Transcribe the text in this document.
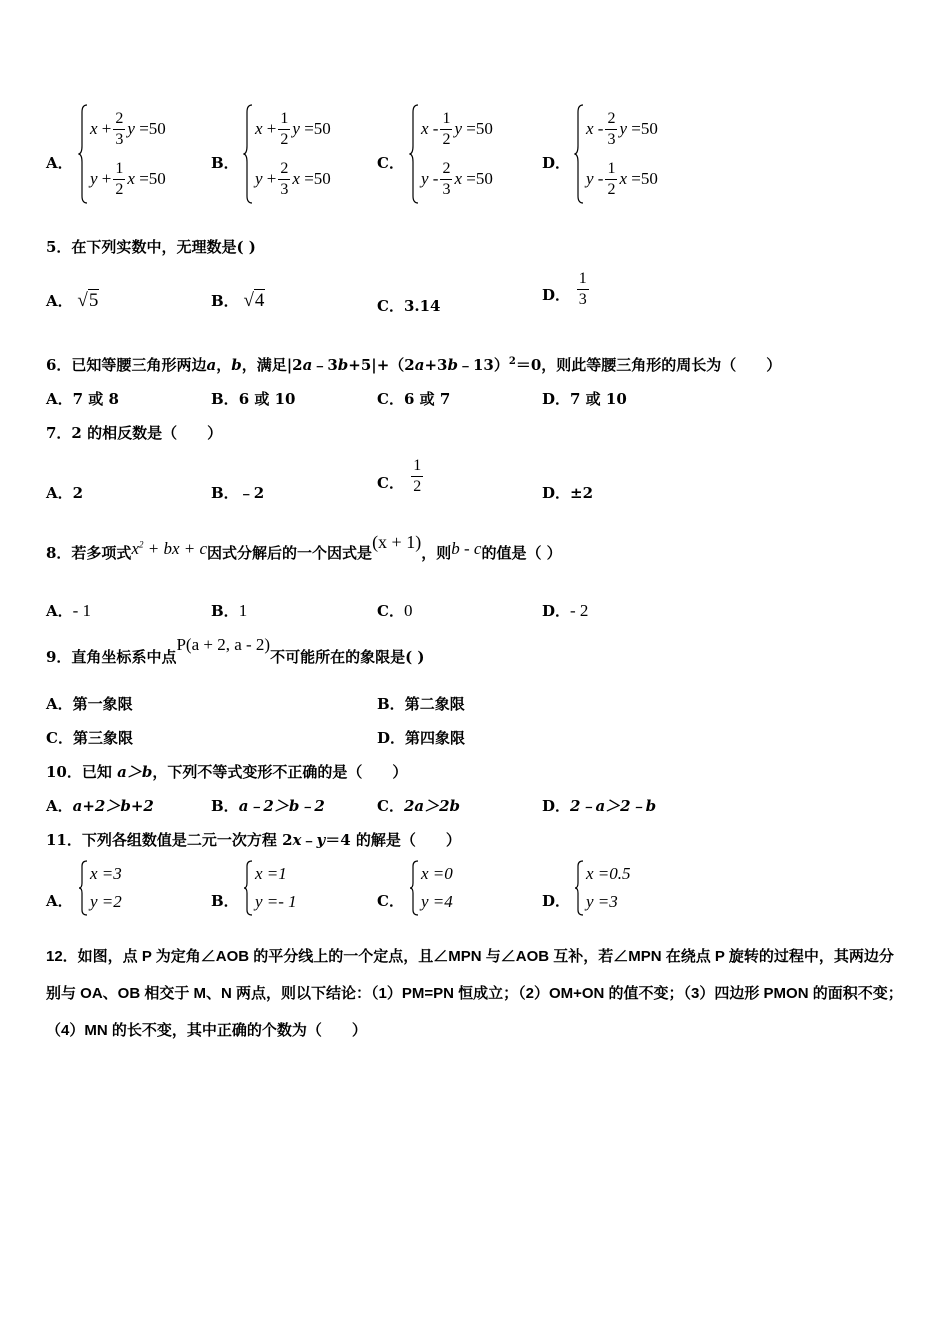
A．
x
+ $\frac{2}{3}$ y
=50
y
+ $\frac{1}{2}$ x
=50
B．
x
+ $\frac{1}{2}$ y
=50
y
+ $\frac{2}{3}$ x
=50
C．
x
- $\frac{1}{2}$ y
=50
y
- $\frac{2}{3}$ x
=50
D．
x
- $\frac{2}{3}$ y
=50
y
- $\frac{1}{2}$ x
=50
5．在下列实数中，无理数是( )
A． √5	B． √4	C．3.14
D． $\frac{1}{3}$
6．已知等腰三角形两边a，b，满足|2a﹣3b+5|+（2a+3b﹣13）$^2$＝0，则此等腰三角形的周长为（　　）
A．7 或 8	B．6 或 10	C．6 或 7	D．7 或 10
7．2 的相反数是（　　）
A．2	B．﹣2
C． $\frac{1}{2}$	D．±2
8．若多项式$x^2$ + bx + c因式分解后的一个因式是(x + 1)，则b - c的值是（ ）
A．- 1	B．1	C．0	D．- 2
9．直角坐标系中点P(a + 2, a - 2)不可能所在的象限是( )
A．第一象限	B．第二象限
C．第三象限	D．第四象限
10．已知 a＞b，下列不等式变形不正确的是（　　）
A．a+2＞b+2	B．a﹣2＞b﹣2	C．2a＞2b	D．2﹣a＞2﹣b
11．下列各组数值是二元一次方程 2x﹣y＝4 的解是（　　）
A．
x =3
y =2	B．
x =1
y =- 1	C．
x =0
y =4	D．
x =0.5
y =3
12．如图，点 P 为定角∠AOB 的平分线上的一个定点，且∠MPN 与∠AOB 互补，若∠MPN 在绕点 P 旋转的过程中，其两边分别与 OA、OB 相交于 M、N 两点，则以下结论：（1）PM=PN 恒成立；（2）OM+ON 的值不变；（3）四边形 PMON 的面积不变；（4）MN 的长不变，其中正确的个数为（　　）
